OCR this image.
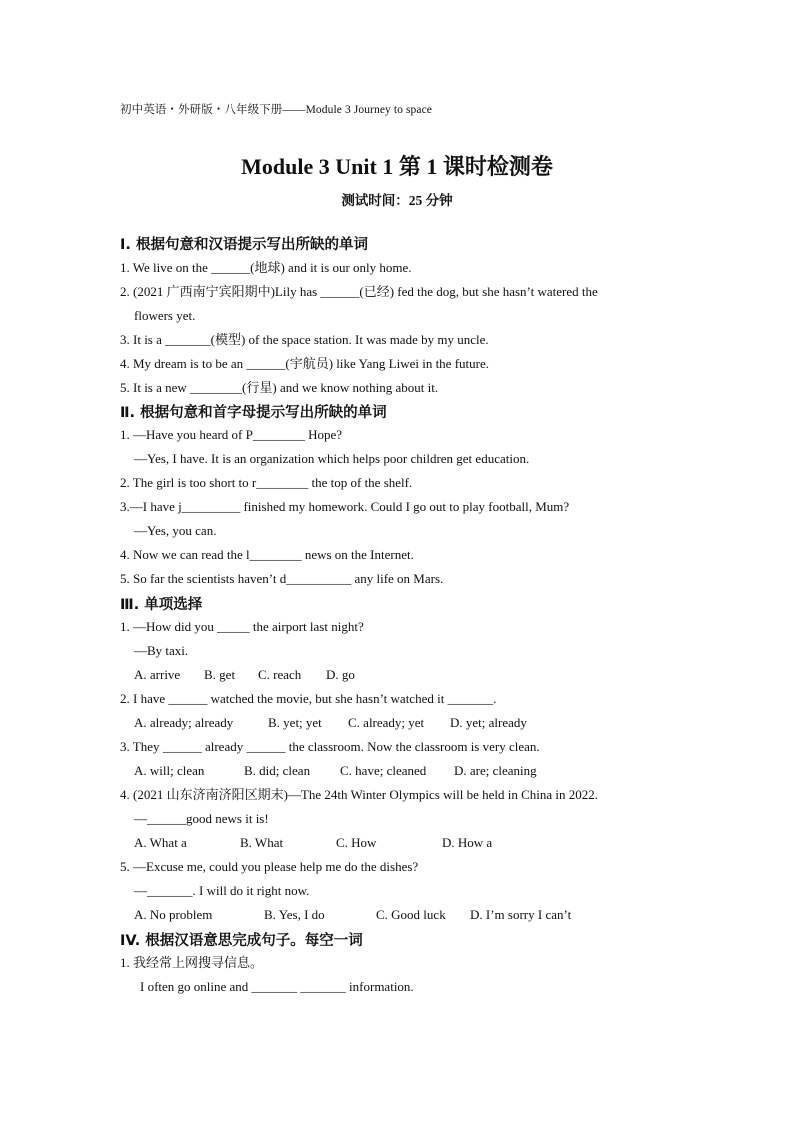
初中英语・外研版・八年级下册——Module 3 Journey to space
Module 3 Unit 1 第 1 课时检测卷
测试时间：25 分钟
Ⅰ. 根据句意和汉语提示写出所缺的单词
1. We live on the ______(地球) and it is our only home.
2. (2021 广西南宁宾阳期中)Lily has ______(已经) fed the dog, but she hasn’t watered the
flowers yet.
3. It is a _______(模型) of the space station. It was made by my uncle.
4. My dream is to be an ______(宇航员) like Yang Liwei in the future.
5. It is a new ________(行星) and we know nothing about it.
Ⅱ. 根据句意和首字母提示写出所缺的单词
1. —Have you heard of P________ Hope?
—Yes, I have. It is an organization which helps poor children get education.
2. The girl is too short to r________ the top of the shelf.
3.—I have j_________ finished my homework. Could I go out to play football, Mum?
—Yes, you can.
4. Now we can read the l________ news on the Internet.
5. So far the scientists haven’t d__________ any life on Mars.
Ⅲ. 单项选择
1. —How did you _____ the airport last night?
—By taxi.
A. arrive	B. get	C. reach	D. go
2. I have ______ watched the movie, but she hasn’t watched it _______.
A. already; already	B. yet; yet	C. already; yet	D. yet; already
3. They ______ already ______ the classroom. Now the classroom is very clean.
A. will; clean	B. did; clean	C. have; cleaned	D. are; cleaning
4. (2021 山东济南济阳区期末)—The 24th Winter Olympics will be held in China in 2022.
—______good news it is!
A. What a	B. What	C. How	D. How a
5. —Excuse me, could you please help me do the dishes?
—_______. I will do it right now.
A. No problem	B. Yes, I do	C. Good luck	D. I’m sorry I can’t
IV. 根据汉语意思完成句子。每空一词
1. 我经常上网搜寻信息。
I often go online and _______ _______ information.
